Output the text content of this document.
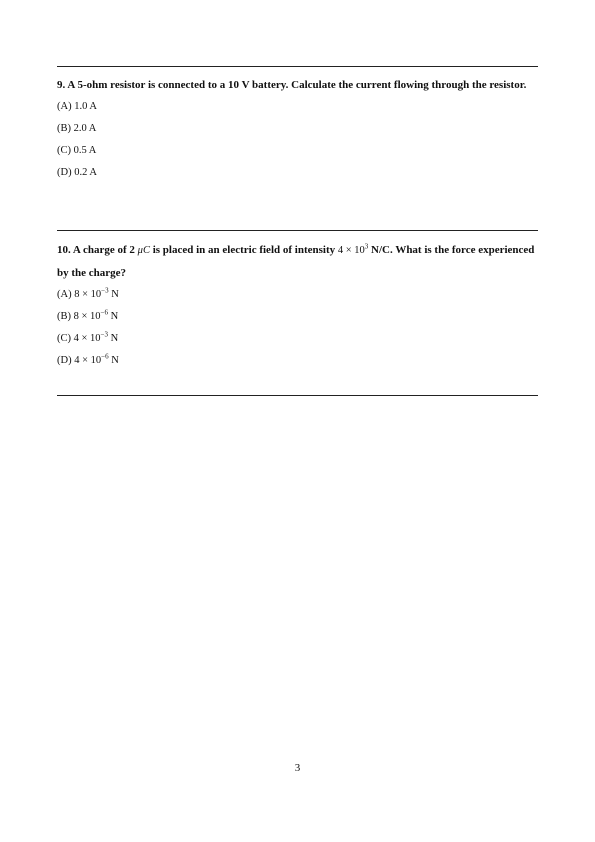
9. A 5-ohm resistor is connected to a 10 V battery. Calculate the current flowing through the resistor.

(A) 1.0 A
(B) 2.0 A
(C) 0.5 A
(D) 0.2 A

10. A charge of 2 μC is placed in an electric field of intensity $4 \times 10^3$ N/C. What is the force experienced by the charge?

(A) $8 \times 10^{-3}$ N
(B) $8 \times 10^{-6}$ N
(C) $4 \times 10^{-3}$ N
(D) $4 \times 10^{-6}$ N
3
